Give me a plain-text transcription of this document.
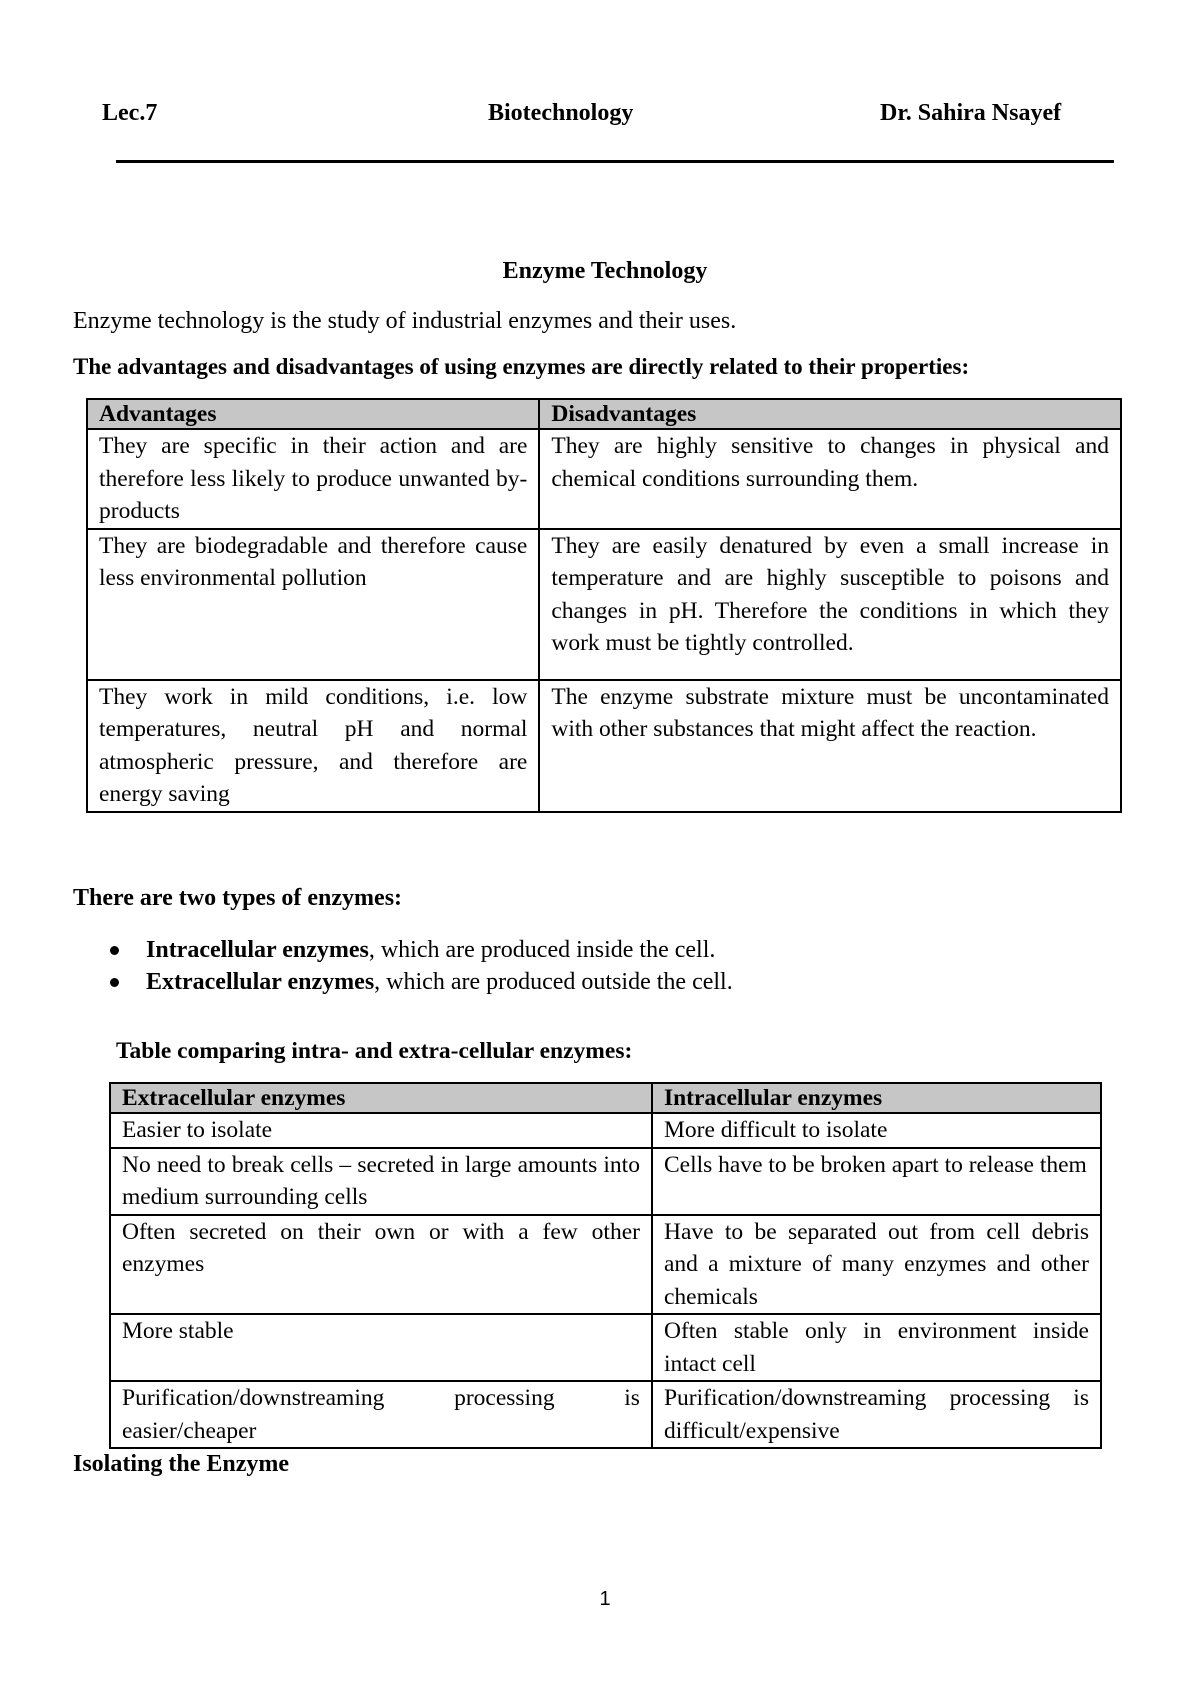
Lec.7	Biotechnology	Dr. Sahira Nsayef
Enzyme Technology
Enzyme technology is the study of industrial enzymes and their uses.
The advantages and disadvantages of using enzymes are directly related to their properties:
Advantages	Disadvantages
They are specific in their action and are therefore less likely to produce unwanted by-products	They are highly sensitive to changes in physical and chemical conditions surrounding them.
They are biodegradable and therefore cause less environmental pollution	They are easily denatured by even a small increase in temperature and are highly susceptible to poisons and changes in pH. Therefore the conditions in which they work must be tightly controlled.
They work in mild conditions, i.e. low temperatures, neutral pH and normal atmospheric pressure, and therefore are energy saving	The enzyme substrate mixture must be uncontaminated with other substances that might affect the reaction.
There are two types of enzymes:
Intracellular enzymes, which are produced inside the cell.
Extracellular enzymes, which are produced outside the cell.
Table comparing intra- and extra-cellular enzymes:
Extracellular enzymes	Intracellular enzymes
Easier to isolate	More difficult to isolate
No need to break cells – secreted in large amounts into medium surrounding cells	Cells have to be broken apart to release them
Often secreted on their own or with a few other enzymes	Have to be separated out from cell debris and a mixture of many enzymes and other chemicals
More stable	Often stable only in environment inside intact cell
Purification/downstreaming processing is easier/cheaper	Purification/downstreaming processing is difficult/expensive
Isolating the Enzyme
1
